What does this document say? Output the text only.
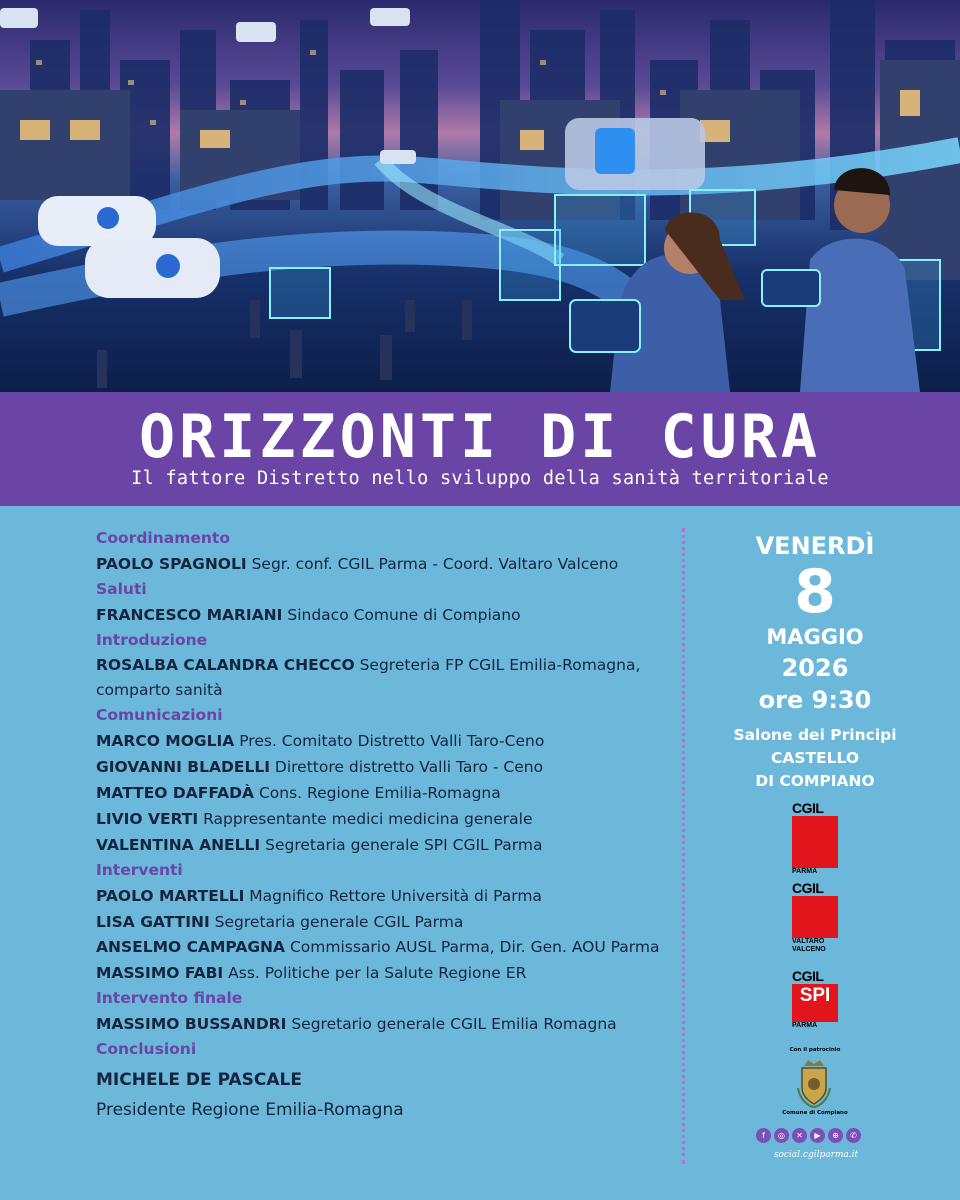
ORIZZONTI DI CURA
Il fattore Distretto nello sviluppo della sanità territoriale
Coordinamento
PAOLO SPAGNOLI Segr. conf. CGIL Parma - Coord. Valtaro Valceno
Saluti
FRANCESCO MARIANI Sindaco Comune di Compiano
Introduzione
ROSALBA CALANDRA CHECCO Segreteria FP CGIL Emilia-Romagna, comparto sanità
Comunicazioni
MARCO MOGLIA Pres. Comitato Distretto Valli Taro-Ceno
GIOVANNI BLADELLI Direttore distretto Valli Taro - Ceno
MATTEO DAFFADÀ Cons. Regione Emilia-Romagna
LIVIO VERTI Rappresentante medici medicina generale
VALENTINA ANELLI Segretaria generale SPI CGIL Parma
Interventi
PAOLO MARTELLI Magnifico Rettore Università di Parma
LISA GATTINI Segretaria generale CGIL Parma
ANSELMO CAMPAGNA Commissario AUSL Parma, Dir. Gen. AOU Parma
MASSIMO FABI Ass. Politiche per la Salute Regione ER
Intervento finale
MASSIMO BUSSANDRI Segretario generale CGIL Emilia Romagna
Conclusioni
MICHELE DE PASCALE
Presidente Regione Emilia-Romagna
VENERDÌ
8
MAGGIO
2026
ore 9:30
Salone dei Principi
CASTELLO
DI COMPIANO
CGIL
PARMA
CGIL
VALTARO
VALCENO
CGIL
SPI
PARMA
Con il patrocinio
Comune di Compiano
f	◎	✕	▶	⊕	✆
social.cgilparma.it
